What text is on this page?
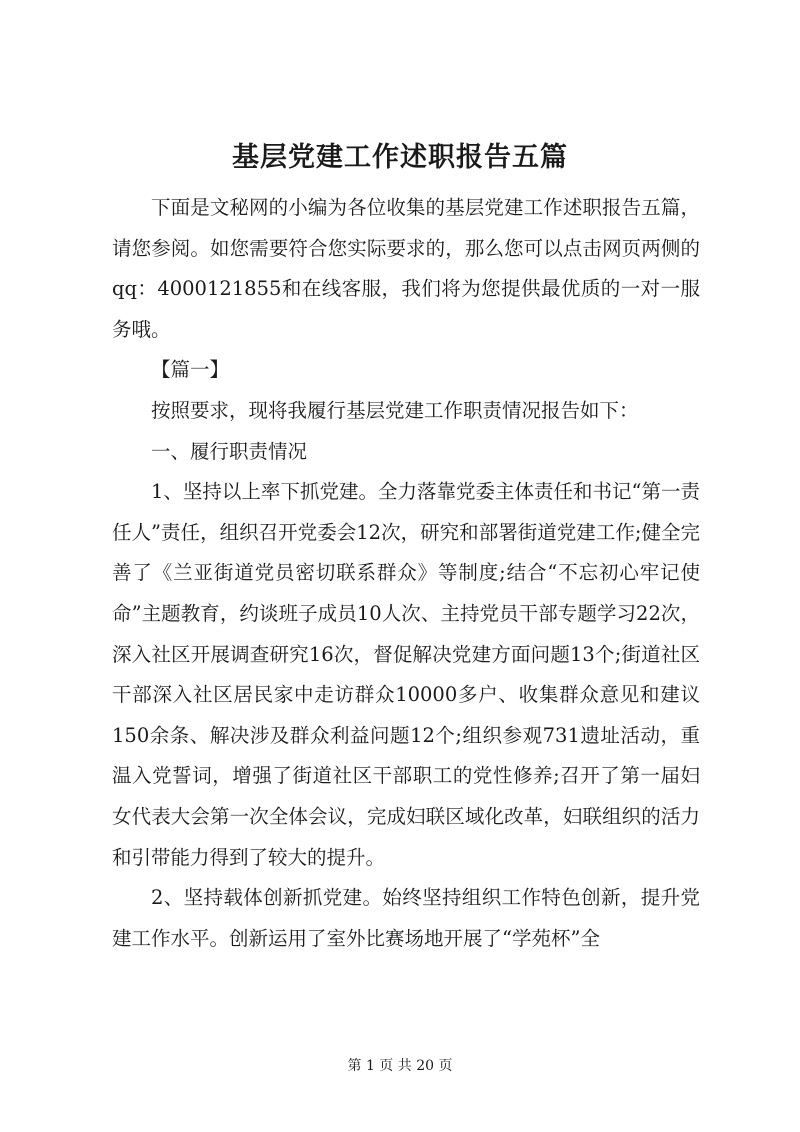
基层党建工作述职报告五篇

下面是文秘网的小编为各位收集的基层党建工作述职报告五篇，请您参阅。如您需要符合您实际要求的，那么您可以点击网页两侧的qq：4000121855和在线客服，我们将为您提供最优质的一对一服务哦。

【篇一】

按照要求，现将我履行基层党建工作职责情况报告如下：

一、履行职责情况

1、坚持以上率下抓党建。全力落靠党委主体责任和书记“第一责任人”责任，组织召开党委会12次，研究和部署街道党建工作;健全完善了《兰亚街道党员密切联系群众》等制度;结合“不忘初心牢记使命”主题教育，约谈班子成员10人次、主持党员干部专题学习22次，深入社区开展调查研究16次，督促解决党建方面问题13个;街道社区干部深入社区居民家中走访群众10000多户、收集群众意见和建议150余条、解决涉及群众利益问题12个;组织参观731遗址活动，重温入党誓词，增强了街道社区干部职工的党性修养;召开了第一届妇女代表大会第一次全体会议，完成妇联区域化改革，妇联组织的活力和引带能力得到了较大的提升。

2、坚持载体创新抓党建。始终坚持组织工作特色创新，提升党建工作水平。创新运用了室外比赛场地开展了“学苑杯”全

第 1 页 共 20 页
